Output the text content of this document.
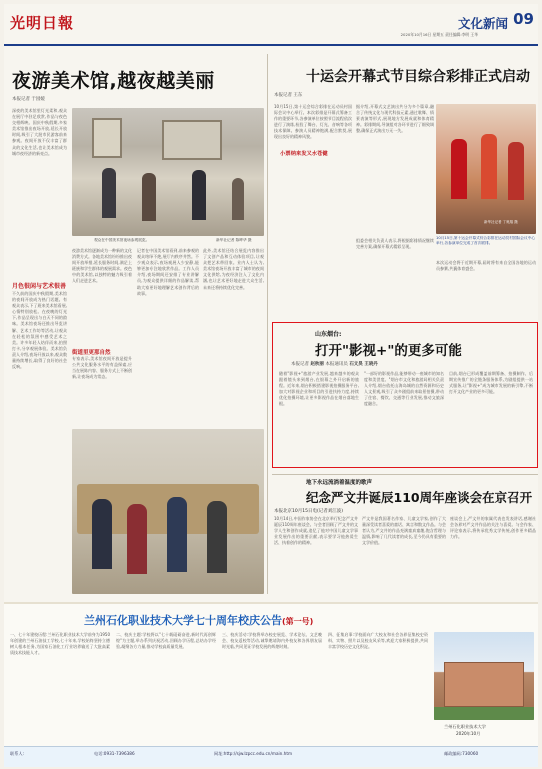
光明日報
2020年10月16日 星期五 责任编辑:李明 王华
文化新闻 09
夜游美术馆,越夜越美丽
本报记者 于园媛
深夜的美术馆里灯光柔和,观众在展厅中驻足欣赏,作品与夜色交相辉映。国庆中秋假期,多家美术馆推出夜场开放,延长开放时间,吸引了大批市民游客前来参观。夜间开放不仅丰富了群众的文化生活,也让美术馆成为城市夜经济的新亮点。
月色很闲与艺术很善
不久前的国庆中秋假期,美术馆的夜间开放成为热门话题。有观众表示,下了班来美术馆看展,心情特别放松。在夜晚的灯光下,作品呈现出与白天不同的韵味。美术馆夜场还推出导览讲解、艺术工作坊等活动,让观众在轻松的氛围中感受艺术之美。许多年轻人结伴而来,拍照打卡,分享观展体验。美术馆负责人介绍,夜场开放以来,观众数量持续增长,取得了良好的社会反响。
观众在中国美术馆夜场参观展览。	新华社记者 陈晔华 摄
夜游美术馆逐渐成为一种新的文化消费方式。各地美术馆纷纷推出夜间开放举措,延长服务时间,满足上班族和学生群体的观展需求。夜色中的美术馆,以独特的魅力吸引着人们走进艺术。
街道里更那自然
专家表示,美术馆夜间开放是提升公共文化服务水平的有益探索,应当在展陈内容、服务方式上不断创新,让夜场成为常态。
记者在中国美术馆看到,前来参观的观众络绎不绝,展厅内秩序井然。不少观众表示,夜场观展人少安静,能够更加专注地欣赏作品。工作人员介绍,夜场期间还安排了专业讲解员,为观众提供详细的作品解读,帮助大家更好地理解艺术创作背后的故事。
此外,美术馆还结合展览内容推出了文创产品和互动体验项目,让观众把艺术带回家。业内人士认为,美术馆夜场开放丰富了城市的夜间文化供给,为夜经济注入了文化内涵,也让艺术更好地走进大众生活,未来还将持续优化完善。
十运会开幕式节目综合彩排正式启动
本报记者 王东
10月15日,第十运会综合彩排在运动员村国际会议中心举行。本次彩排是开幕式筹备工作的重要环节,各参演单位按照节目流程依次进行了演练,检验了舞台、灯光、音响等各项技术保障。参演人员精神饱满,配合默契,展现出良好的精神风貌。
小票纳来发又水苍健
据介绍,开幕式文艺演出共分为多个篇章,融合了传统文化与现代科技元素,通过歌舞、情景表演等形式,展现地方发展成就和体育精神。彩排期间,导演组对各环节进行了细致调整,确保正式演出万无一失。
10月15日,第十运会开幕式综合彩排在运动员村国际会议中心举行,各参演单位完成了首次联排。
新华社记者 丁奥翔 摄
组委会相关负责人表示,将根据彩排情况继续完善方案,确保开幕式精彩呈现。
本次运动会将于近期开幕,届时将有来自全国各地的运动员参赛,共襄体育盛会。
山东烟台:
打开"影视+"的更多可能
本报记者 赵秋丽 本报通讯员 石文昊 王晓丹
随着"影视+"旅游产业发展,越来越多的观众跟着镜头来到烟台,在银幕之外开启新的旅程。近年来,烟台积极搭建影视拍摄服务平台,加大对影视企业和项目的引进扶持力度,持续优化拍摄环境,让更多影视作品在烟台落地生根。
"一部好的影视作品,能够带动一座城市的知名度和美誉度。"烟台市文化和旅游局相关负责人介绍,烟台依托山海岛城的自然资源和历史人文景观,吸引了众多剧组前来取景拍摄,带动了住宿、餐饮、交通等行业发展,推动文旅深度融合。
目前,烟台已形成覆盖前期筹备、拍摄制作、后期宣传推广的全链条服务体系,为剧组提供一站式服务,让"影视+"成为城市发展的新引擎,不断打开文化产业的更多可能。
地下永远流淌着温度的歌声
纪念严文井诞辰110周年座谈会在京召开
本报北京10月15日电(记者刘江波)
10月14日,中国作家协会在北京举行纪念严文井诞辰110周年座谈会。与会者回顾了严文井的文学人生和创作成就,追忆了他对中国儿童文学事业发展作出的重要贡献,表示要学习他热爱生活、执着创作的精神。
严文井是我国著名作家、儿童文学家,创作了大量深受读者喜爱的童话、寓言和散文作品。与会者认为,严文井的作品充满童真童趣,饱含哲理与温情,影响了几代读者的成长,至今仍具有重要的文学价值。
座谈会上,严文井的家属代表也发表讲话,感谢社会各界对严文井作品的关注与喜爱。与会作家、评论家表示,将传承优秀文学传统,创作更多精品力作。
兰州石化职业技术大学七十周年校庆公告(第一号)
一、七十年建校历程:兰州石化职业技术大学前身为1950年创建的兰州石油技工学校,七十年来,学校始终坚持立德树人根本任务,为国家石油化工行业培养输送了大批高素质技术技能人才。
二、校庆主题:学校将以"七十载砥砺奋进,新时代再创辉煌"为主题,举办系列庆祝活动,回顾办学历程,总结办学经验,凝聚各方力量,推动学校高质量发展。
三、校庆活动:学校将举办校史展览、学术论坛、文艺晚会、校友返校等活动,诚挚邀请海内外校友和各界朋友届时光临,共同见证学校发展的辉煌时刻。
四、征集启事:学校面向广大校友和社会各界征集校史资料、实物、照片以及校友风采等,欢迎大家积极提供,共同丰富学校历史文化积淀。
兰州石化职业技术大学
2020年10月
联系人:	电话:0931-7396386	网址:http://sjw.lzpcc.edu.cn/main.htm	邮政编码:730060
